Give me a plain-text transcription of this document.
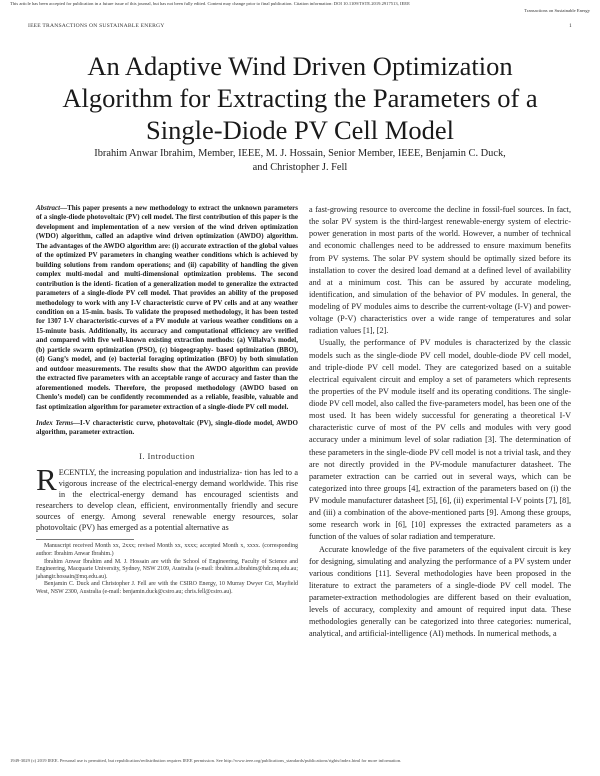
This article has been accepted for publication in a future issue of this journal, but has not been fully edited. Content may change prior to final publication. Citation information: DOI 10.1109/TSTE.2019.2917513, IEEE
Transactions on Sustainable Energy
IEEE TRANSACTIONS ON SUSTAINABLE ENERGY	1
An Adaptive Wind Driven Optimization Algorithm for Extracting the Parameters of a Single-Diode PV Cell Model
Ibrahim Anwar Ibrahim, Member, IEEE, M. J. Hossain, Senior Member, IEEE, Benjamin C. Duck,
and Christopher J. Fell

Abstract—This paper presents a new methodology to extract the unknown parameters of a single-diode photovoltaic (PV) cell model. The first contribution of this paper is the development and implementation of a new version of the wind driven optimization (WDO) algorithm, called an adaptive wind driven optimization (AWDO) algorithm. The advantages of the AWDO algorithm are: (i) accurate extraction of the global values of the optimized PV parameters in changing weather conditions which is achieved by building solutions from random operations; and (ii) capability of handling the given complex multi-modal and multi-dimensional optimization problems. The second contribution is the identi- fication of a generalization model to generalize the extracted parameters of a single-diode PV cell model. That provides an ability of the proposed methodology to work with any I-V characteristic curve of PV cells and at any weather condition on a 15-min. basis. To validate the proposed methodology, it has been tested for 1307 I-V characteristic-curves of a PV module at various weather conditions on a 15-minute basis. Additionally, its accuracy and computational efficiency are verified and compared with five well-known existing extraction methods: (a) Villalva’s model, (b) particle swarm optimization (PSO), (c) biogeography- based optimization (BBO), (d) Gang’s model, and (e) bacterial foraging optimization (BFO) by both simulation and outdoor measurements. The results show that the AWDO algorithm can provide the extracted five parameters with an acceptable range of accuracy and faster than the aforementioned models. Therefore, the proposed methodology (AWDO based on Chenlo’s model) can be confidently recommended as a reliable, feasible, valuable and fast optimization algorithm for parameter extraction of a single-diode PV cell model.

Index Terms—I-V characteristic curve, photovoltaic (PV), single-diode model, AWDO algorithm, parameter extraction.

I. Introduction

RECENTLY, the increasing population and industrializa- tion has led to a vigorous increase of the electrical-energy demand worldwide. This rise in the electrical-energy demand has encouraged scientists and researchers to develop clean, efficient, environmentally friendly and secure sources of energy. Among several renewable energy resources, solar photovoltaic (PV) has emerged as a potential alternative as

Manuscript received Month xx, 2xxx; revised Month xx, xxxx; accepted Month x, xxxx. (corresponding author: Ibrahim Anwar Ibrahim.)

Ibrahim Anwar Ibrahim and M. J. Hossain are with the School of Engineering, Faculty of Science and Engineering, Macquarie University, Sydney, NSW 2109, Australia (e-mail: ibrahim.a.ibrahim@hdr.mq.edu.au; jahangir.hossain@mq.edu.au).

Benjamin C. Duck and Christopher J. Fell are with the CSIRO Energy, 10 Murray Dwyer Cct, Mayfield West, NSW 2300, Australia (e-mail: benjamin.duck@csiro.au; chris.fell@csiro.au).

a fast-growing resource to overcome the decline in fossil-fuel sources. In fact, the solar PV system is the third-largest renewable-energy system of electric-power generation in most parts of the world. However, a number of technical and economic challenges need to be addressed to ensure maximum benefits from PV systems. The solar PV system should be optimally sized before its installation to cover the desired load demand at a defined level of availability and at a minimum cost. This can be assured by accurate modeling, identification, and simulation of the behavior of PV modules. In general, the modeling of PV modules aims to describe the current-voltage (I-V) and power-voltage (P-V) characteristics over a wide range of temperatures and solar radiation values [1], [2].

Usually, the performance of PV modules is characterized by the classic models such as the single-diode PV cell model, double-diode PV cell model, and triple-diode PV cell model. They are categorized based on a suitable electrical equivalent circuit and employ a set of parameters which represents the properties of the PV module itself and its operating conditions. The single-diode PV cell model, also called the five-parameters model, has been one of the most used. It has been widely successful for generating a theoretical I-V characteristic curve of most of the PV cells and modules with very good accuracy under a minimum level of solar radiation [3]. The determination of these parameters in the single-diode PV cell model is not a trivial task, and they are not directly provided in the PV-module manufacturer datasheet. The parameter extraction can be carried out in several ways, which can be categorized into three groups [4], extraction of the parameters based on (i) the PV module manufacturer datasheet [5], [6], (ii) experimental I-V points [7], [8], and (iii) a combination of the above-mentioned parts [9]. Among these groups, some research work in [6], [10] expresses the extracted parameters as a function of the values of solar radiation and temperature.

Accurate knowledge of the five parameters of the equivalent circuit is key for designing, simulating and analyzing the performance of a PV system under various conditions [11]. Several methodologies have been proposed in the literature to extract the parameters of a single-diode PV cell model. The parameter-extraction methodologies are different based on their evaluation, levels of accuracy, complexity and amount of required input data. These methodologies generally can be categorized into three categories: numerical, analytical, and artificial-intelligence (AI) methods. In numerical methods, a

1949-3029 (c) 2019 IEEE. Personal use is permitted, but republication/redistribution requires IEEE permission. See http://www.ieee.org/publications_standards/publications/rights/index.html for more information.
